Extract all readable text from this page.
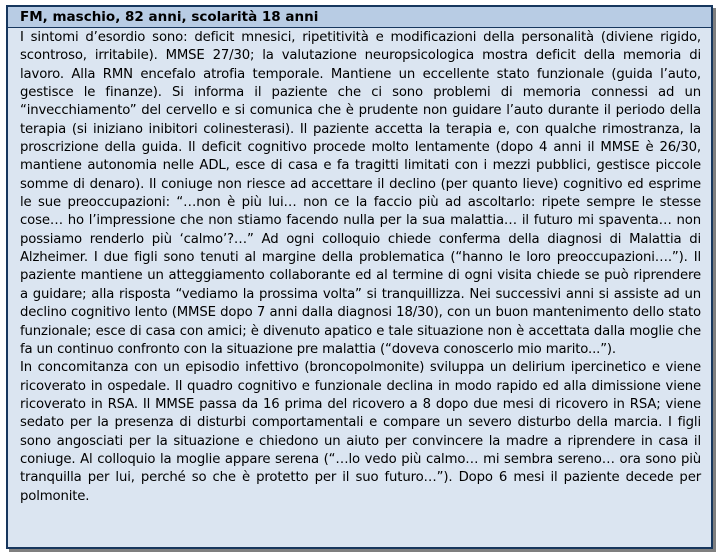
FM, maschio, 82 anni, scolarità 18 anni

I sintomi d’esordio sono: deficit mnesici, ripetitività e modificazioni della personalità (diviene rigido, scontroso, irritabile). MMSE 27/30; la valutazione neuropsicologica mostra deficit della memoria di lavoro. Alla RMN encefalo atrofia temporale. Mantiene un eccellente stato funzionale (guida l’auto, gestisce le finanze). Si informa il paziente che ci sono problemi di memoria connessi ad un “invecchiamento” del cervello e si comunica che è prudente non guidare l’auto durante il periodo della terapia (si iniziano inibitori colinesterasi). Il paziente accetta la terapia e, con qualche rimostranza, la proscrizione della guida. Il deficit cognitivo procede molto lentamente (dopo 4 anni il MMSE è 26/30, mantiene autonomia nelle ADL, esce di casa e fa tragitti limitati con i mezzi pubblici, gestisce piccole somme di denaro). Il coniuge non riesce ad accettare il declino (per quanto lieve) cognitivo ed esprime le sue preoccupazioni: “…non è più lui… non ce la faccio più ad ascoltarlo: ripete sempre le stesse cose… ho l’impressione che non stiamo facendo nulla per la sua malattia… il futuro mi spaventa… non possiamo renderlo più ‘calmo’?…” Ad ogni colloquio chiede conferma della diagnosi di Malattia di Alzheimer. I due figli sono tenuti al margine della problematica (“hanno le loro preoccupazioni….”). Il paziente mantiene un atteggiamento collaborante ed al termine di ogni visita chiede se può riprendere a guidare; alla risposta “vediamo la prossima volta” si tranquillizza. Nei successivi anni si assiste ad un declino cognitivo lento (MMSE dopo 7 anni dalla diagnosi 18/30), con un buon mantenimento dello stato funzionale; esce di casa con amici; è divenuto apatico e tale situazione non è accettata dalla moglie che fa un continuo confronto con la situazione pre malattia (“doveva conoscerlo mio marito...”).

In concomitanza con un episodio infettivo (broncopolmonite) sviluppa un delirium ipercinetico e viene ricoverato in ospedale. Il quadro cognitivo e funzionale declina in modo rapido ed alla dimissione viene ricoverato in RSA. Il MMSE passa da 16 prima del ricovero a 8 dopo due mesi di ricovero in RSA; viene sedato per la presenza di disturbi comportamentali e compare un severo disturbo della marcia. I figli sono angosciati per la situazione e chiedono un aiuto per convincere la madre a riprendere in casa il coniuge. Al colloquio la moglie appare serena (“…lo vedo più calmo… mi sembra sereno… ora sono più tranquilla per lui, perché so che è protetto per il suo futuro…”). Dopo 6 mesi il paziente decede per polmonite.
